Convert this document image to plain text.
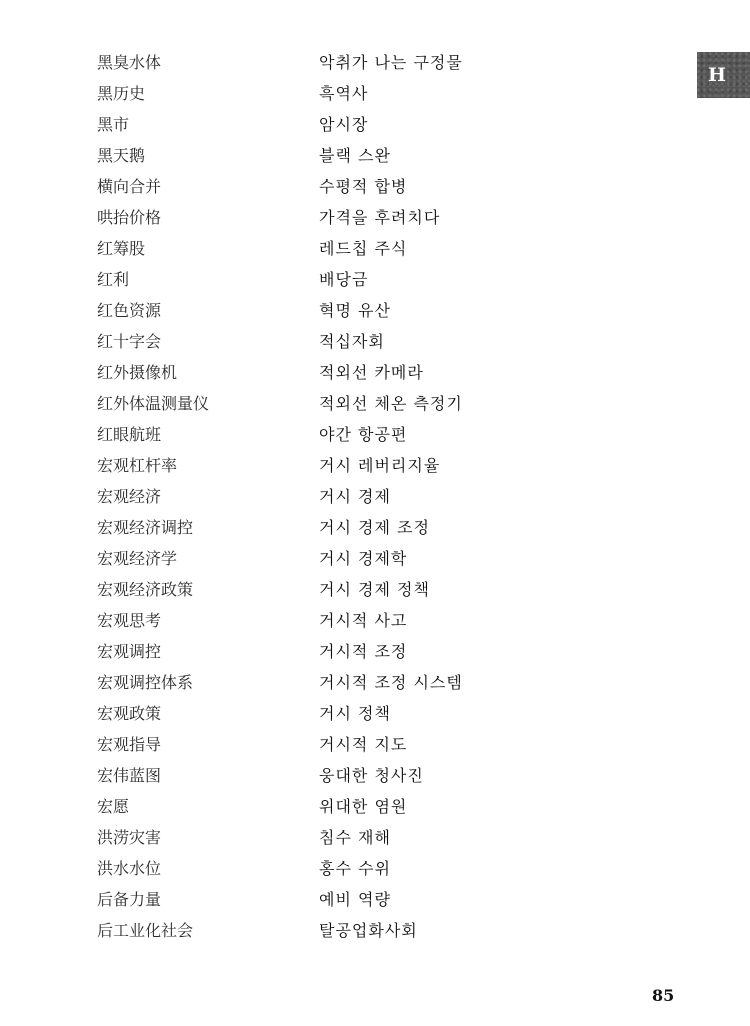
H
黑臭水体	악취가 나는 구정물
黑历史	흑역사
黑市	암시장
黑天鹅	블랙 스완
横向合并	수평적 합병
哄抬价格	가격을 후려치다
红筹股	레드칩 주식
红利	배당금
红色资源	혁명 유산
红十字会	적십자회
红外摄像机	적외선 카메라
红外体温测量仪	적외선 체온 측정기
红眼航班	야간 항공편
宏观杠杆率	거시 레버리지율
宏观经济	거시 경제
宏观经济调控	거시 경제 조정
宏观经济学	거시 경제학
宏观经济政策	거시 경제 정책
宏观思考	거시적 사고
宏观调控	거시적 조정
宏观调控体系	거시적 조정 시스템
宏观政策	거시 정책
宏观指导	거시적 지도
宏伟蓝图	웅대한 청사진
宏愿	위대한 염원
洪涝灾害	침수 재해
洪水水位	홍수 수위
后备力量	예비 역량
后工业化社会	탈공업화사회
85
